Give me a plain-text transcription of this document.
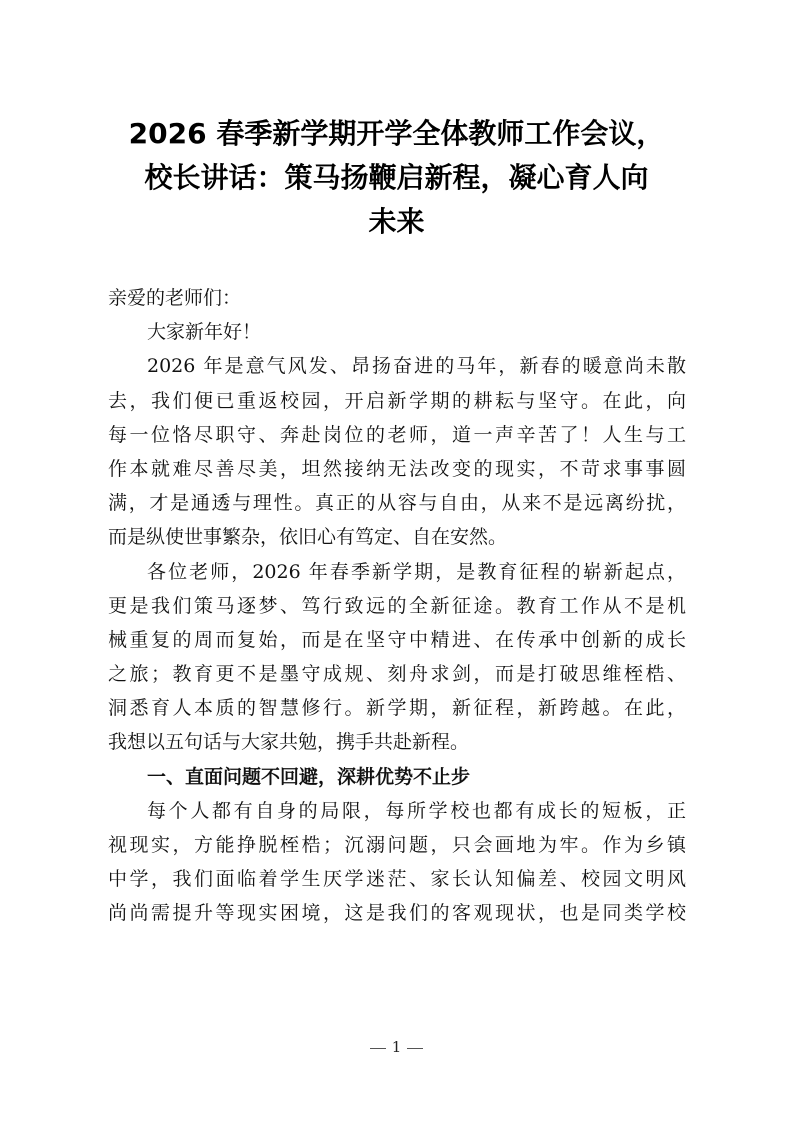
2026 春季新学期开学全体教师工作会议，
校长讲话：策马扬鞭启新程，凝心育人向
未来
亲爱的老师们：
大家新年好！
2026 年是意气风发、昂扬奋进的马年，新春的暖意尚未散
去，我们便已重返校园，开启新学期的耕耘与坚守。在此，向
每一位恪尽职守、奔赴岗位的老师，道一声辛苦了！人生与工
作本就难尽善尽美，坦然接纳无法改变的现实，不苛求事事圆
满，才是通透与理性。真正的从容与自由，从来不是远离纷扰，
而是纵使世事繁杂，依旧心有笃定、自在安然。
各位老师，2026 年春季新学期，是教育征程的崭新起点，
更是我们策马逐梦、笃行致远的全新征途。教育工作从不是机
械重复的周而复始，而是在坚守中精进、在传承中创新的成长
之旅；教育更不是墨守成规、刻舟求剑，而是打破思维桎梏、
洞悉育人本质的智慧修行。新学期，新征程，新跨越。在此，
我想以五句话与大家共勉，携手共赴新程。
一、直面问题不回避，深耕优势不止步
每个人都有自身的局限，每所学校也都有成长的短板，正
视现实，方能挣脱桎梏；沉溺问题，只会画地为牢。作为乡镇
中学，我们面临着学生厌学迷茫、家长认知偏差、校园文明风
尚尚需提升等现实困境，这是我们的客观现状，也是同类学校
1
